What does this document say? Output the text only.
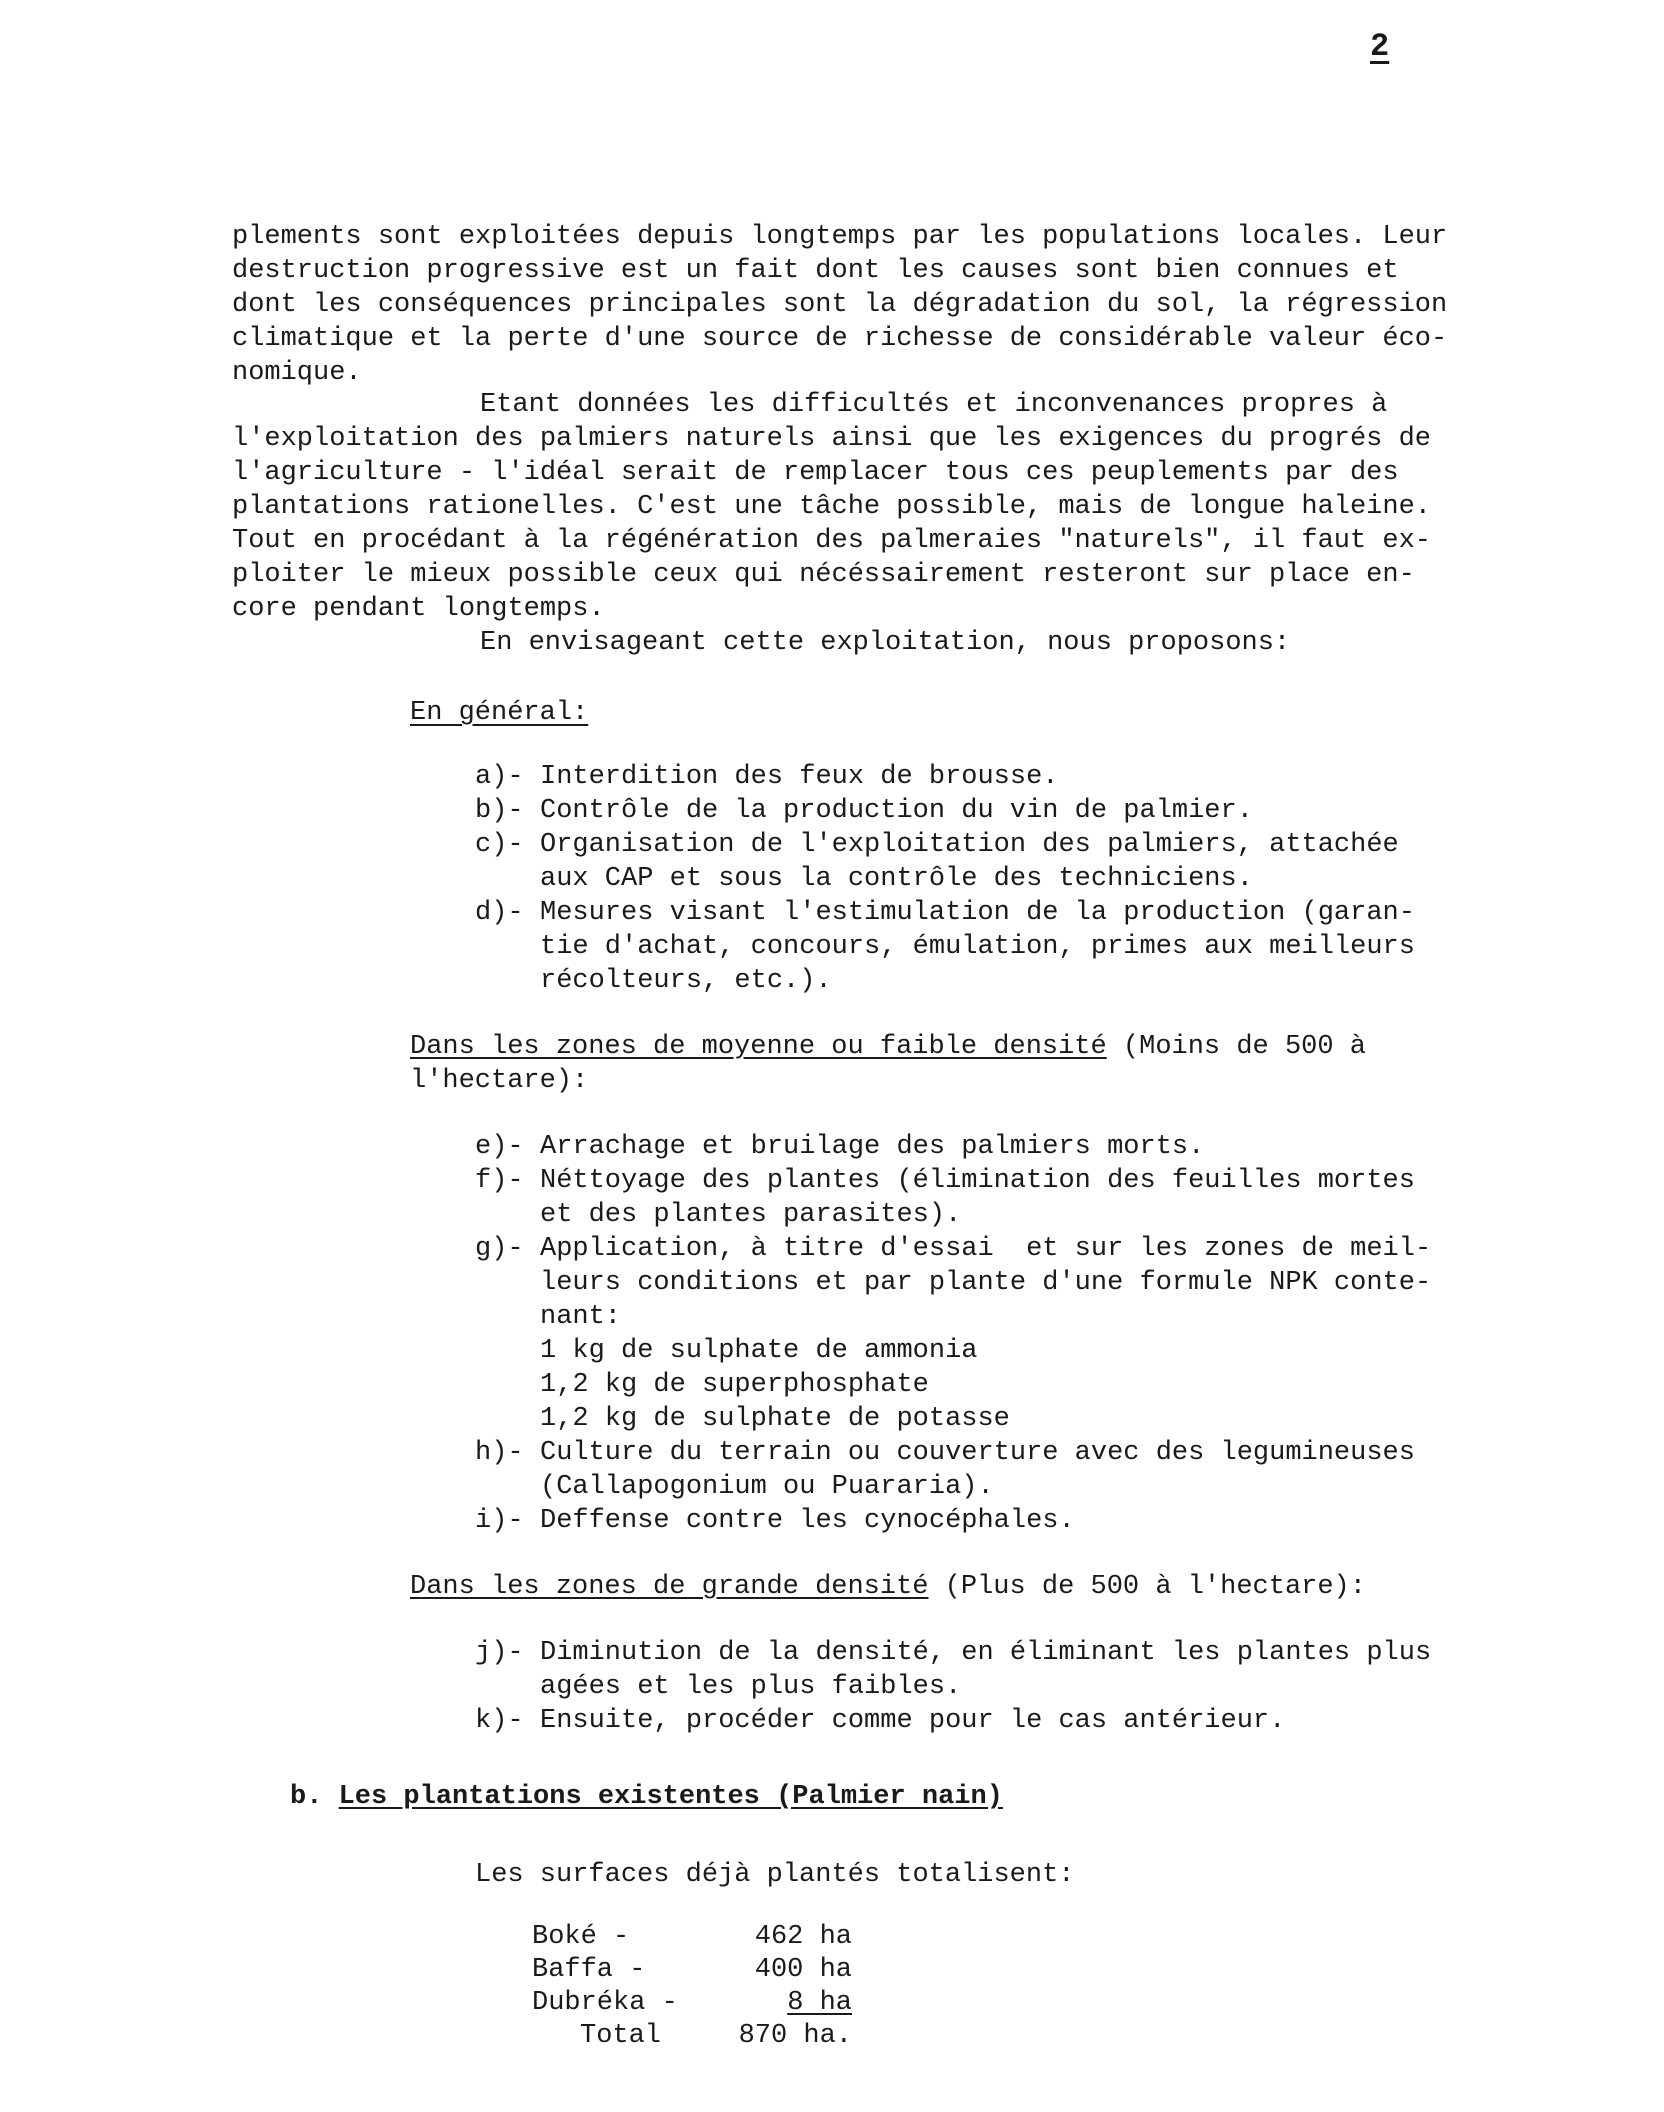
2
plements sont exploitées depuis longtemps par les populations locales. Leur
destruction progressive est un fait dont les causes sont bien connues et
dont les conséquences principales sont la dégradation du sol, la régression
climatique et la perte d'une source de richesse de considérable valeur éco-
nomique.
Etant données les difficultés et inconvenances propres à
l'exploitation des palmiers naturels ainsi que les exigences du progrés de
l'agriculture - l'idéal serait de remplacer tous ces peuplements par des
plantations rationelles. C'est une tâche possible, mais de longue haleine.
Tout en procédant à la régénération des palmeraies "naturels", il faut ex-
ploiter le mieux possible ceux qui nécéssairement resteront sur place en-
core pendant longtemps.
En envisageant cette exploitation, nous proposons:
En général:
a)- Interdition des feux de brousse.
b)- Contrôle de la production du vin de palmier.
c)- Organisation de l'exploitation des palmiers, attachée
aux CAP et sous la contrôle des techniciens.
d)- Mesures visant l'estimulation de la production (garan-
tie d'achat, concours, émulation, primes aux meilleurs
récolteurs, etc.).
Dans les zones de moyenne ou faible densité (Moins de 500 à
l'hectare):
e)- Arrachage et bruilage des palmiers morts.
f)- Néttoyage des plantes (élimination des feuilles mortes
et des plantes parasites).
g)- Application, à titre d'essai  et sur les zones de meil-
leurs conditions et par plante d'une formule NPK conte-
nant:
1 kg de sulphate de ammonia
1,2 kg de superphosphate
1,2 kg de sulphate de potasse
h)- Culture du terrain ou couverture avec des legumineuses
(Callapogonium ou Puararia).
i)- Deffense contre les cynocéphales.
Dans les zones de grande densité (Plus de 500 à l'hectare):
j)- Diminution de la densité, en éliminant les plantes plus
agées et les plus faibles.
k)- Ensuite, procéder comme pour le cas antérieur.
b. Les plantations existentes (Palmier nain)
Les surfaces déjà plantés totalisent:
Boké -	462 ha
Baffa -	400 ha
Dubréka -	8 ha
Total	870 ha.
